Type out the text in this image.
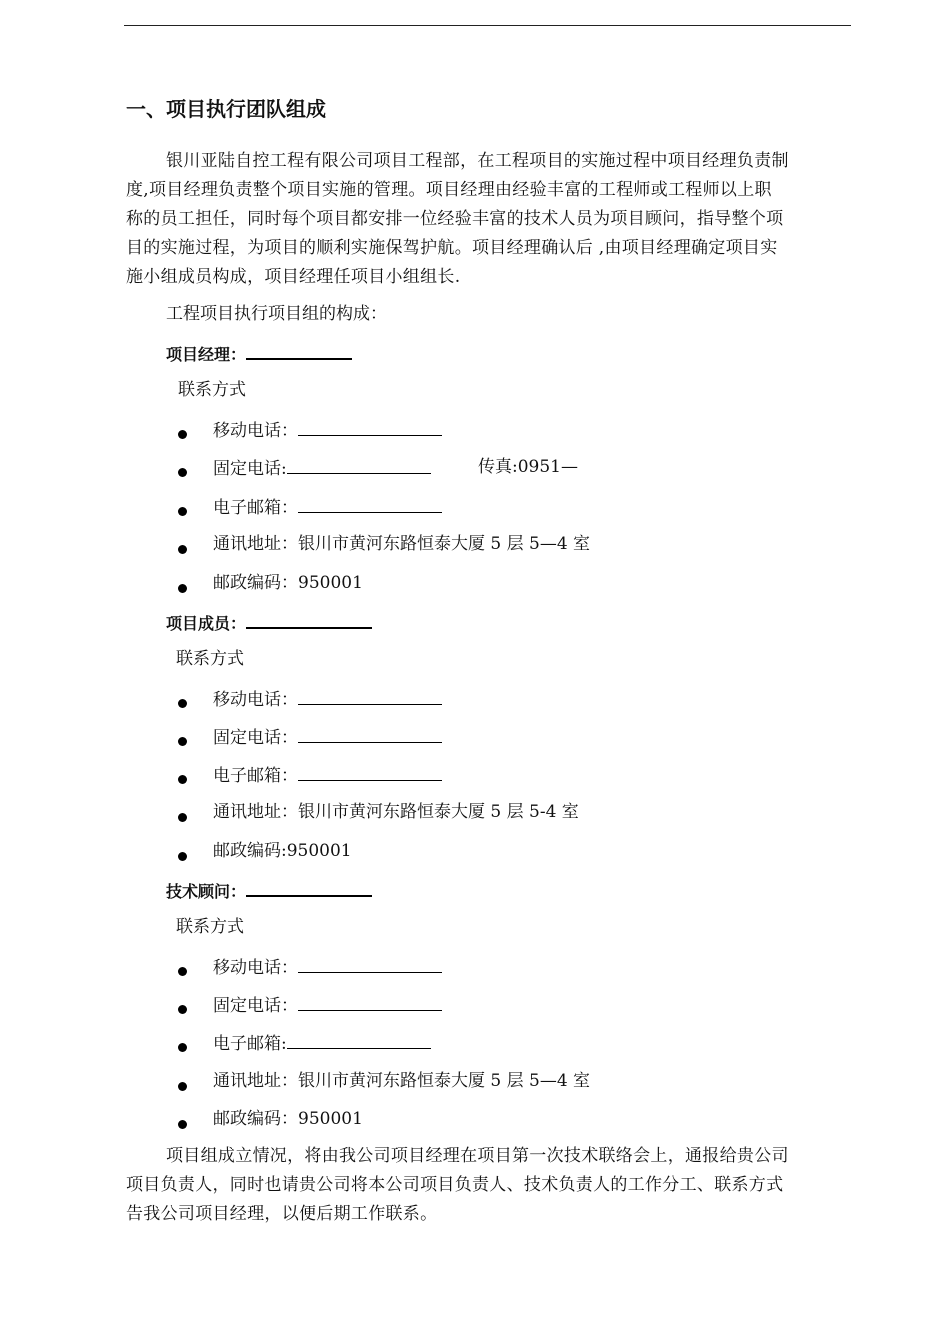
一、项目执行团队组成
银川亚陆自控工程有限公司项目工程部，在工程项目的实施过程中项目经理负责制
度,项目经理负责整个项目实施的管理。项目经理由经验丰富的工程师或工程师以上职
称的员工担任，同时每个项目都安排一位经验丰富的技术人员为项目顾问，指导整个项
目的实施过程，为项目的顺利实施保驾护航。项目经理确认后 ,由项目经理确定项目实
施小组成员构成，项目经理任项目小组组长.
工程项目执行项目组的构成：
项目经理：
联系方式
移动电话：
固定电话:	传真:0951—
电子邮箱：
通讯地址：银川市黄河东路恒泰大厦 5 层 5—4 室
邮政编码：950001
项目成员：
联系方式
移动电话：
固定电话：
电子邮箱：
通讯地址：银川市黄河东路恒泰大厦 5 层 5-4 室
邮政编码:950001
技术顾问：
联系方式
移动电话：
固定电话：
电子邮箱:
通讯地址：银川市黄河东路恒泰大厦 5 层 5—4 室
邮政编码：950001
项目组成立情况，将由我公司项目经理在项目第一次技术联络会上，通报给贵公司
项目负责人，同时也请贵公司将本公司项目负责人、技术负责人的工作分工、联系方式
告我公司项目经理，以便后期工作联系。
